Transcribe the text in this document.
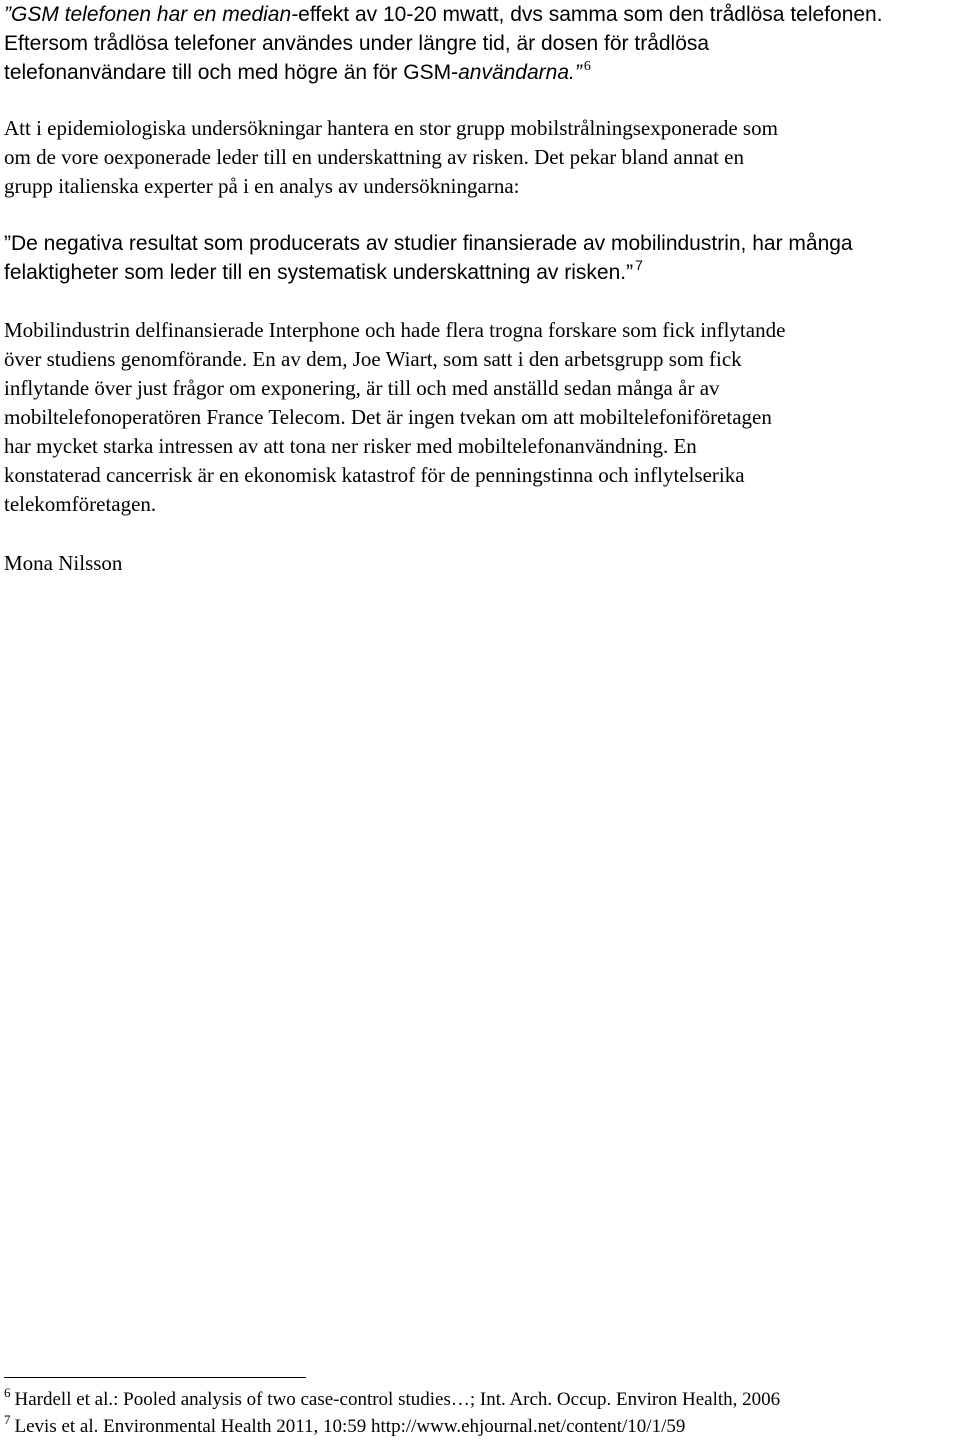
”GSM telefonen har en median-effekt av 10-20 mwatt, dvs samma som den trådlösa telefonen.
Eftersom trådlösa telefoner användes under längre tid, är dosen för trådlösa
telefonanvändare till och med högre än för GSM-användarna.” $^6$
Att i epidemiologiska undersökningar hantera en stor grupp mobilstrålningsexponerade som
om de vore oexponerade leder till en underskattning av risken. Det pekar bland annat en
grupp italienska experter på i en analys av undersökningarna:
”De negativa resultat som producerats av studier finansierade av mobilindustrin, har många
felaktigheter som leder till en systematisk underskattning av risken.” $^7$
Mobilindustrin delfinansierade Interphone och hade flera trogna forskare som fick inflytande
över studiens genomförande. En av dem, Joe Wiart, som satt i den arbetsgrupp som fick
inflytande över just frågor om exponering, är till och med anställd sedan många år av
mobiltelefonoperatören France Telecom. Det är ingen tvekan om att mobiltelefoniföretagen
har mycket starka intressen av att tona ner risker med mobiltelefonanvändning. En
konstaterad cancerrisk är en ekonomisk katastrof för de penningstinna och inflytelserika
telekomföretagen.
Mona Nilsson
$^6$ Hardell et al.: Pooled analysis of two case-control studies…; Int. Arch. Occup. Environ Health, 2006
$^7$ Levis et al. Environmental Health 2011, 10:59 http://www.ehjournal.net/content/10/1/59
